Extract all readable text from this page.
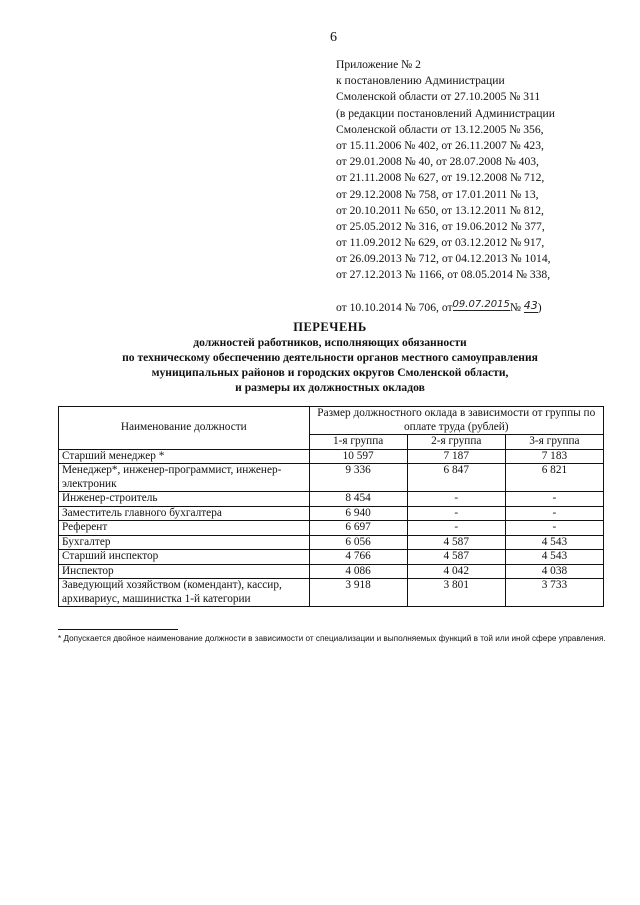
6
Приложение № 2
к постановлению Администрации
Смоленской области от 27.10.2005 № 311
(в редакции постановлений Администрации
Смоленской области от 13.12.2005 № 356,
от 15.11.2006 № 402, от 26.11.2007 № 423,
от 29.01.2008 № 40, от 28.07.2008 № 403,
от 21.11.2008 № 627, от 19.12.2008 № 712,
от 29.12.2008 № 758, от 17.01.2011 № 13,
от 20.10.2011 № 650, от 13.12.2011 № 812,
от 25.05.2012 № 316, от 19.06.2012 № 377,
от 11.09.2012 № 629, от 03.12.2012 № 917,
от 26.09.2013 № 712, от 04.12.2013 № 1014,
от 27.12.2013 № 1166, от 08.05.2014 № 338,
от 10.10.2014 № 706, от09.07.2015№ 43)
ПЕРЕЧЕНЬ
должностей работников, исполняющих обязанности
по техническому обеспечению деятельности органов местного самоуправления
муниципальных районов и городских округов Смоленской области,
и размеры их должностных окладов
Наименование должности	Размер должностного оклада в зависимости от группы по оплате труда (рублей)		
	1-я группа	2-я группа	3-я группа
Старший менеджер *	10 597	7 187	7 183
Менеджер*, инженер-программист, инженер-электроник	9 336	6 847	6 821
Инженер-строитель	8 454	-	-
Заместитель главного бухгалтера	6 940	-	-
Референт	6 697	-	-
Бухгалтер	6 056	4 587	4 543
Старший инспектор	4 766	4 587	4 543
Инспектор	4 086	4 042	4 038
Заведующий хозяйством (комендант), кассир, архивариус, машинистка 1-й категории	3 918	3 801	3 733
* Допускается двойное наименование должности в зависимости от специализации и выполняемых функций в той или иной сфере управления.
